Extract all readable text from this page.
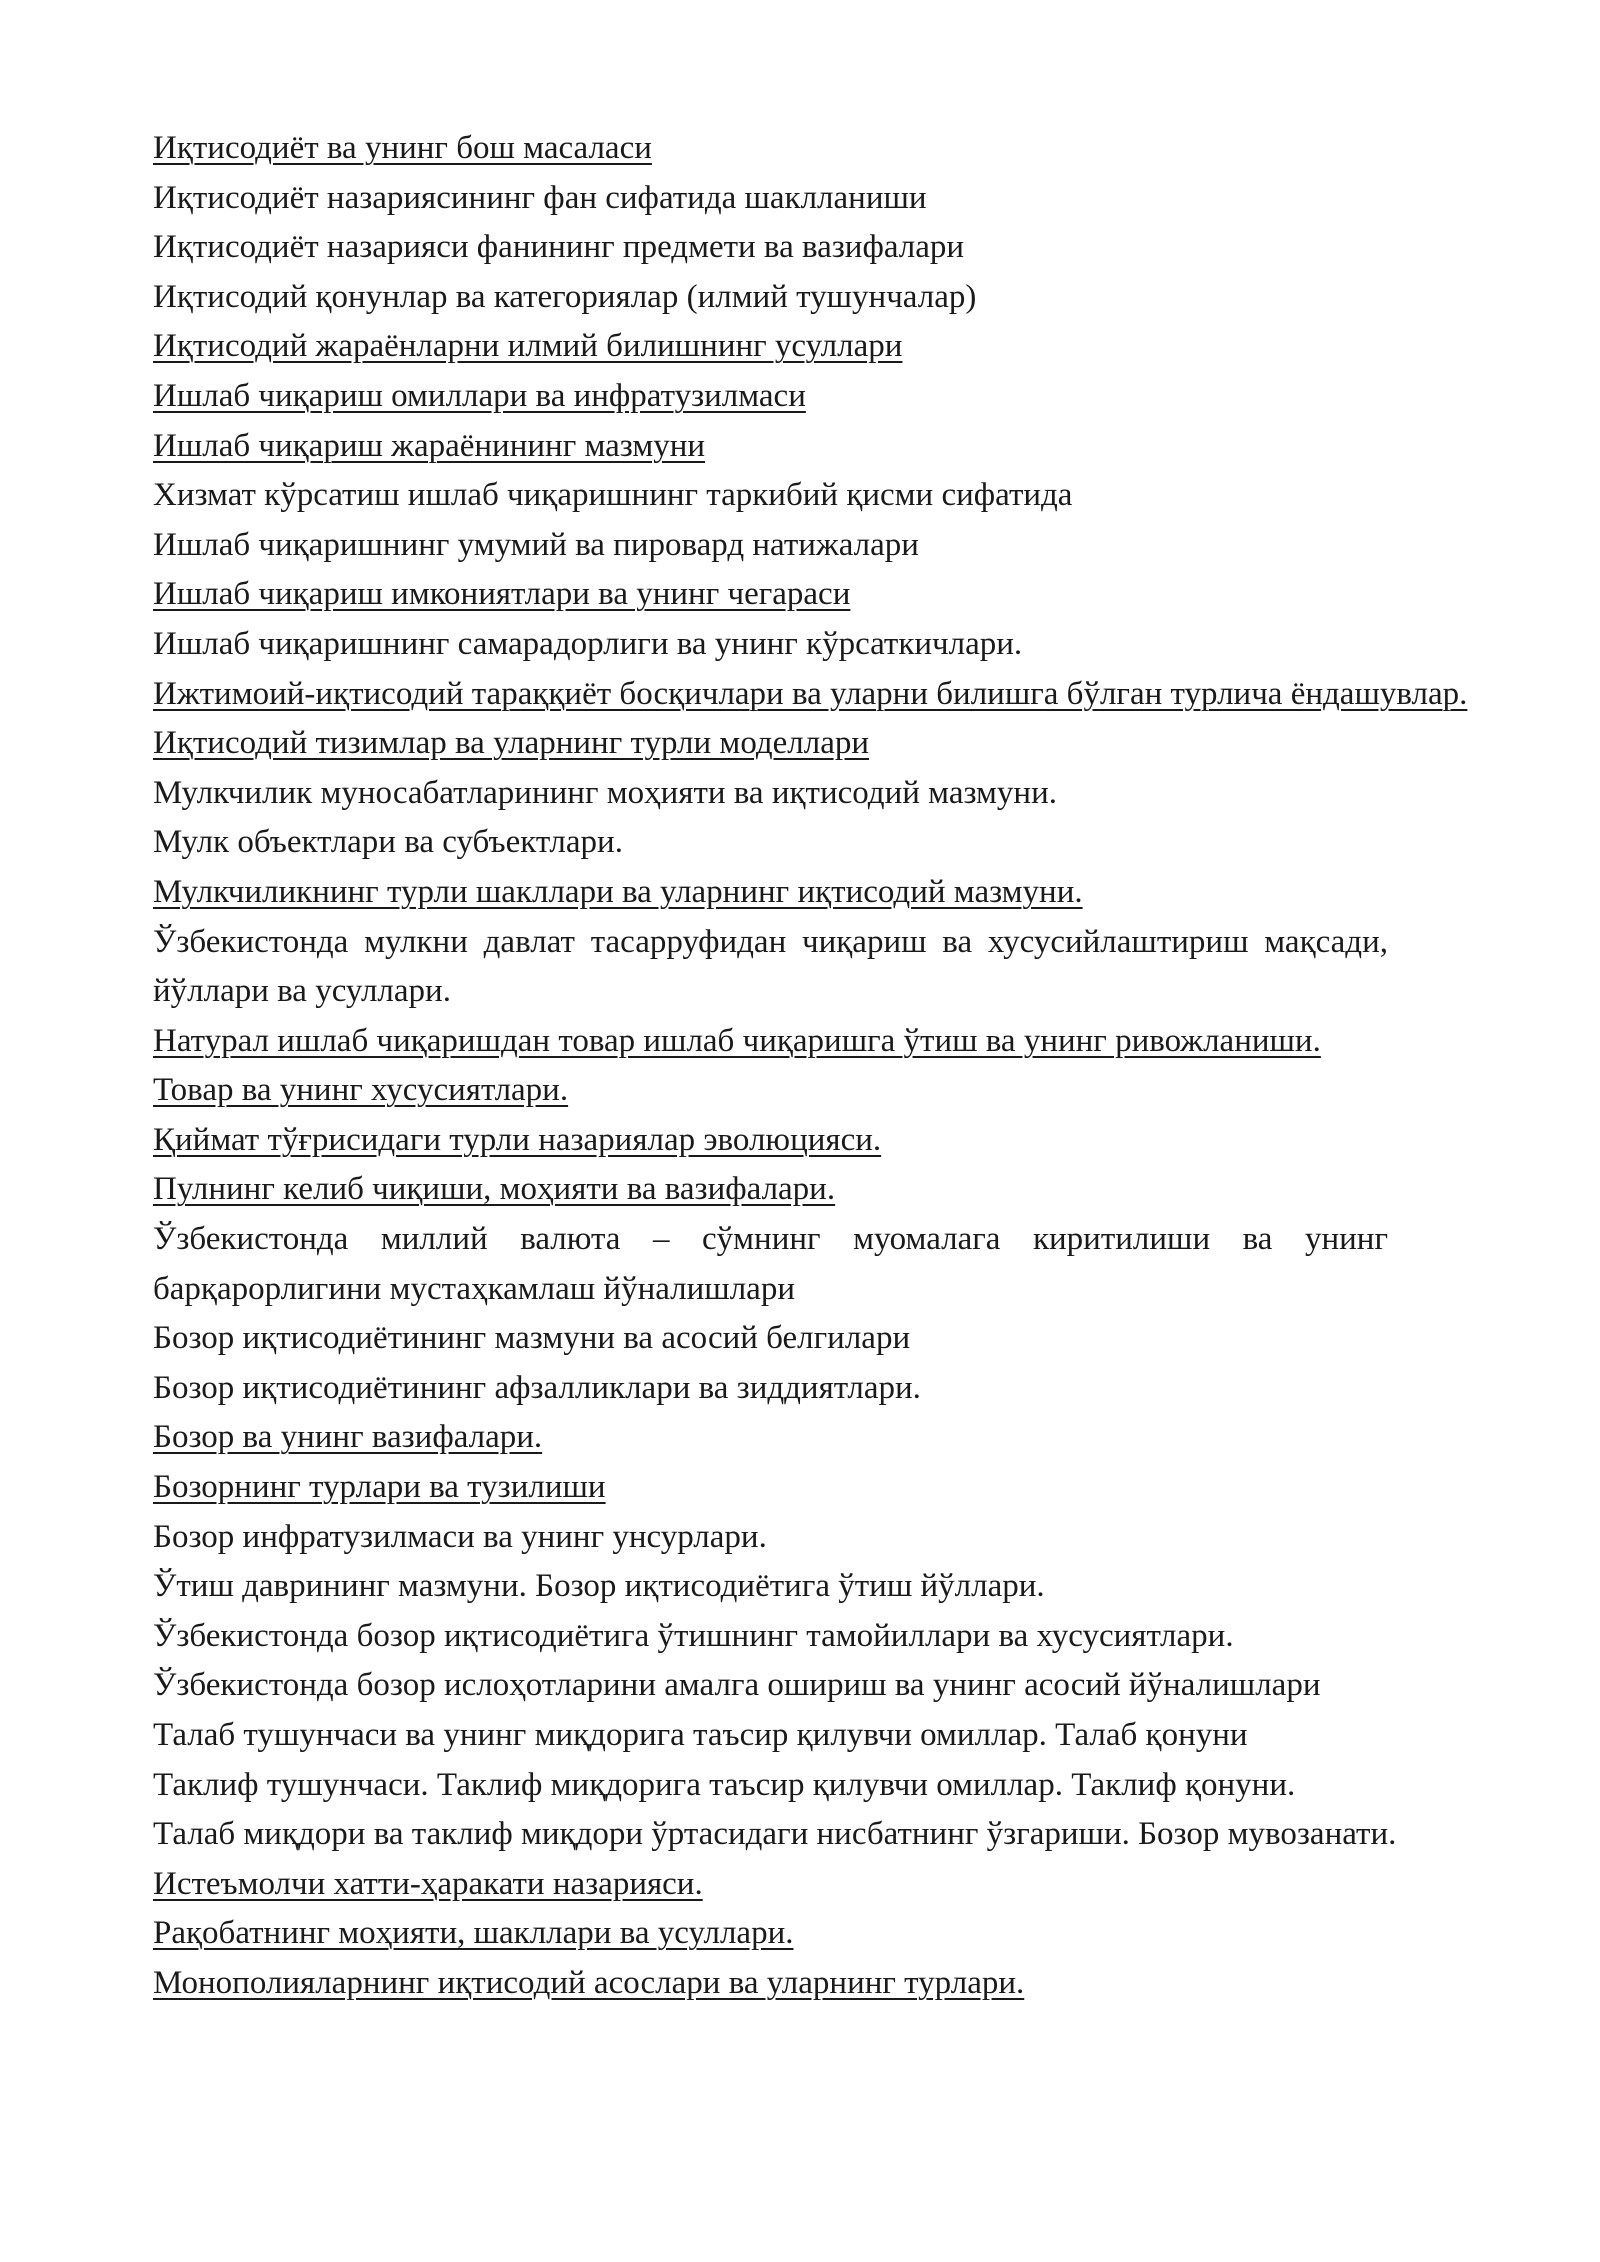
Иқтисодиёт ва унинг бош масаласи

Иқтисодиёт назариясининг фан сифатида шаклланиши

Иқтисодиёт назарияси фанининг предмети ва вазифалари

Иқтисодий қонунлар ва категориялар (илмий тушунчалар)

Иқтисодий жараёнларни илмий билишнинг усуллари

Ишлаб чиқариш омиллари ва инфратузилмаси

Ишлаб чиқариш жараёнининг мазмуни

Хизмат кўрсатиш ишлаб чиқаришнинг таркибий қисми сифатида

Ишлаб чиқаришнинг умумий ва пировард натижалари

Ишлаб чиқариш имкониятлари ва унинг чегараси

Ишлаб чиқаришнинг самарадорлиги ва унинг кўрсаткичлари.

Ижтимоий-иқтисодий тараққиёт босқичлари ва уларни билишга бўлган турлича ёндашувлар.

Иқтисодий тизимлар ва уларнинг турли моделлари

Мулкчилик муносабатларининг моҳияти ва иқтисодий мазмуни.

Мулк объектлари ва субъектлари.

Мулкчиликнинг турли шакллари ва уларнинг иқтисодий мазмуни.

Ўзбекистонда мулкни давлат тасарруфидан чиқариш ва хусусийлаштириш мақсади, йўллари ва усуллари.

Натурал ишлаб чиқаришдан товар ишлаб чиқаришга ўтиш ва унинг ривожланиши.

Товар ва унинг хусусиятлари.

Қиймат тўғрисидаги турли назариялар эволюцияси.

Пулнинг келиб чиқиши, моҳияти ва вазифалари.

Ўзбекистонда миллий валюта – сўмнинг муомалага киритилиши ва унинг барқарорлигини мустаҳкамлаш йўналишлари

Бозор иқтисодиётининг мазмуни ва асосий белгилари

Бозор иқтисодиётининг афзалликлари ва зиддиятлари.

Бозор ва унинг вазифалари.

Бозорнинг турлари ва тузилиши

Бозор инфратузилмаси ва унинг унсурлари.

Ўтиш даврининг мазмуни. Бозор иқтисодиётига ўтиш йўллари.

Ўзбекистонда бозор иқтисодиётига ўтишнинг тамойиллари ва хусусиятлари.

Ўзбекистонда бозор ислоҳотларини амалга ошириш ва унинг асосий йўналишлари

Талаб тушунчаси ва унинг миқдорига таъсир қилувчи омиллар. Талаб қонуни

Таклиф тушунчаси. Таклиф миқдорига таъсир қилувчи омиллар. Таклиф қонуни.

Талаб миқдори ва таклиф миқдори ўртасидаги нисбатнинг ўзгариши. Бозор мувозанати.

Истеъмолчи хатти-ҳаракати назарияси.

Рақобатнинг моҳияти, шакллари ва усуллари.

Монополияларнинг иқтисодий асослари ва уларнинг турлари.
